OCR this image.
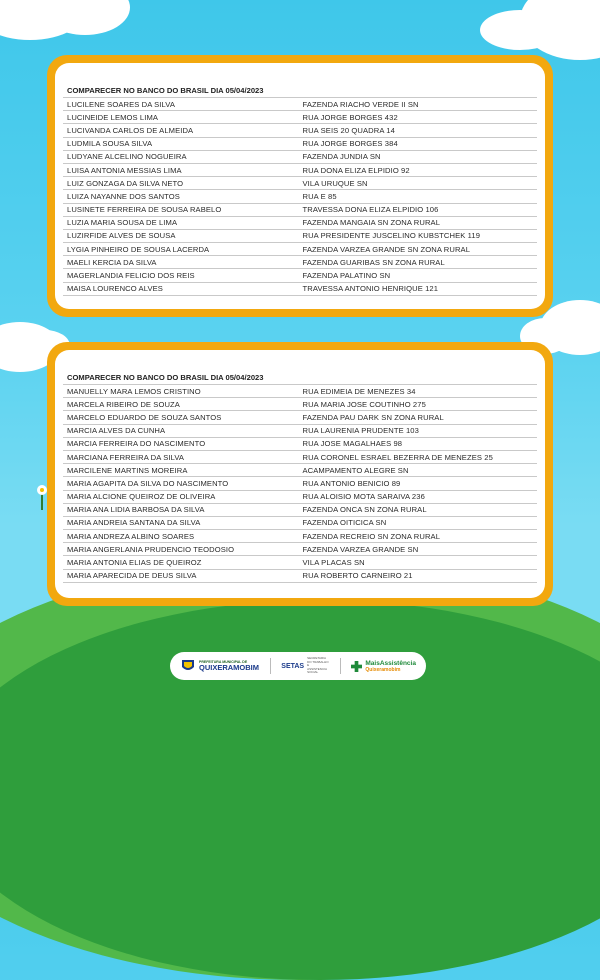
COMPARECER NO BANCO DO BRASIL DIA 05/04/2023
LUCILENE SOARES DA SILVA	FAZENDA RIACHO VERDE II SN
LUCINEIDE LEMOS LIMA	RUA JORGE BORGES 432
LUCIVANDA CARLOS DE ALMEIDA	RUA SEIS 20 QUADRA 14
LUDMILA SOUSA SILVA	RUA JORGE BORGES 384
LUDYANE ALCELINO NOGUEIRA	FAZENDA JUNDIA SN
LUISA ANTONIA MESSIAS LIMA	RUA DONA ELIZA ELPIDIO 92
LUIZ GONZAGA DA SILVA NETO	VILA URUQUE SN
LUIZA NAYANNE DOS SANTOS	RUA E 85
LUSINETE FERREIRA DE SOUSA RABELO	TRAVESSA DONA ELIZA ELPIDIO 106
LUZIA MARIA SOUSA DE LIMA	FAZENDA MANGAIA SN ZONA RURAL
LUZIRFIDE ALVES DE SOUSA	RUA PRESIDENTE JUSCELINO KUBSTCHEK 119
LYGIA PINHEIRO DE SOUSA LACERDA	FAZENDA VARZEA GRANDE SN ZONA RURAL
MAELI KERCIA DA SILVA	FAZENDA GUARIBAS SN ZONA RURAL
MAGERLANDIA FELICIO DOS REIS	FAZENDA PALATINO SN
MAISA LOURENCO ALVES	TRAVESSA ANTONIO HENRIQUE 121
COMPARECER NO BANCO DO BRASIL DIA 05/04/2023
MANUELLY MARA LEMOS CRISTINO	RUA EDIMEIA DE MENEZES 34
MARCELA RIBEIRO DE SOUZA	RUA MARIA JOSE COUTINHO 275
MARCELO EDUARDO DE SOUZA SANTOS	FAZENDA PAU DARK SN ZONA RURAL
MARCIA ALVES DA CUNHA	RUA LAURENIA PRUDENTE 103
MARCIA FERREIRA DO NASCIMENTO	RUA JOSE MAGALHAES 98
MARCIANA FERREIRA DA SILVA	RUA CORONEL ESRAEL BEZERRA DE MENEZES 25
MARCILENE MARTINS MOREIRA	ACAMPAMENTO ALEGRE SN
MARIA AGAPITA DA SILVA DO NASCIMENTO	RUA ANTONIO BENICIO 89
MARIA ALCIONE QUEIROZ DE OLIVEIRA	RUA ALOISIO MOTA SARAIVA 236
MARIA ANA LIDIA BARBOSA DA SILVA	FAZENDA ONCA SN ZONA RURAL
MARIA ANDREIA SANTANA DA SILVA	FAZENDA OITICICA SN
MARIA ANDREZA ALBINO SOARES	FAZENDA RECREIO SN ZONA RURAL
MARIA ANGERLANIA PRUDENCIO TEODOSIO	FAZENDA VARZEA GRANDE SN
MARIA ANTONIA ELIAS DE QUEIROZ	VILA PLACAS SN
MARIA APARECIDA DE DEUS SILVA	RUA ROBERTO CARNEIRO 21
PREFEITURA MUNICIPAL DE
QUIXERAMOBIM	SETAS
SECRETARIA DO TRABALHO E ASSISTENCIA SOCIAL
MaisAssistência
Quixeramobim
